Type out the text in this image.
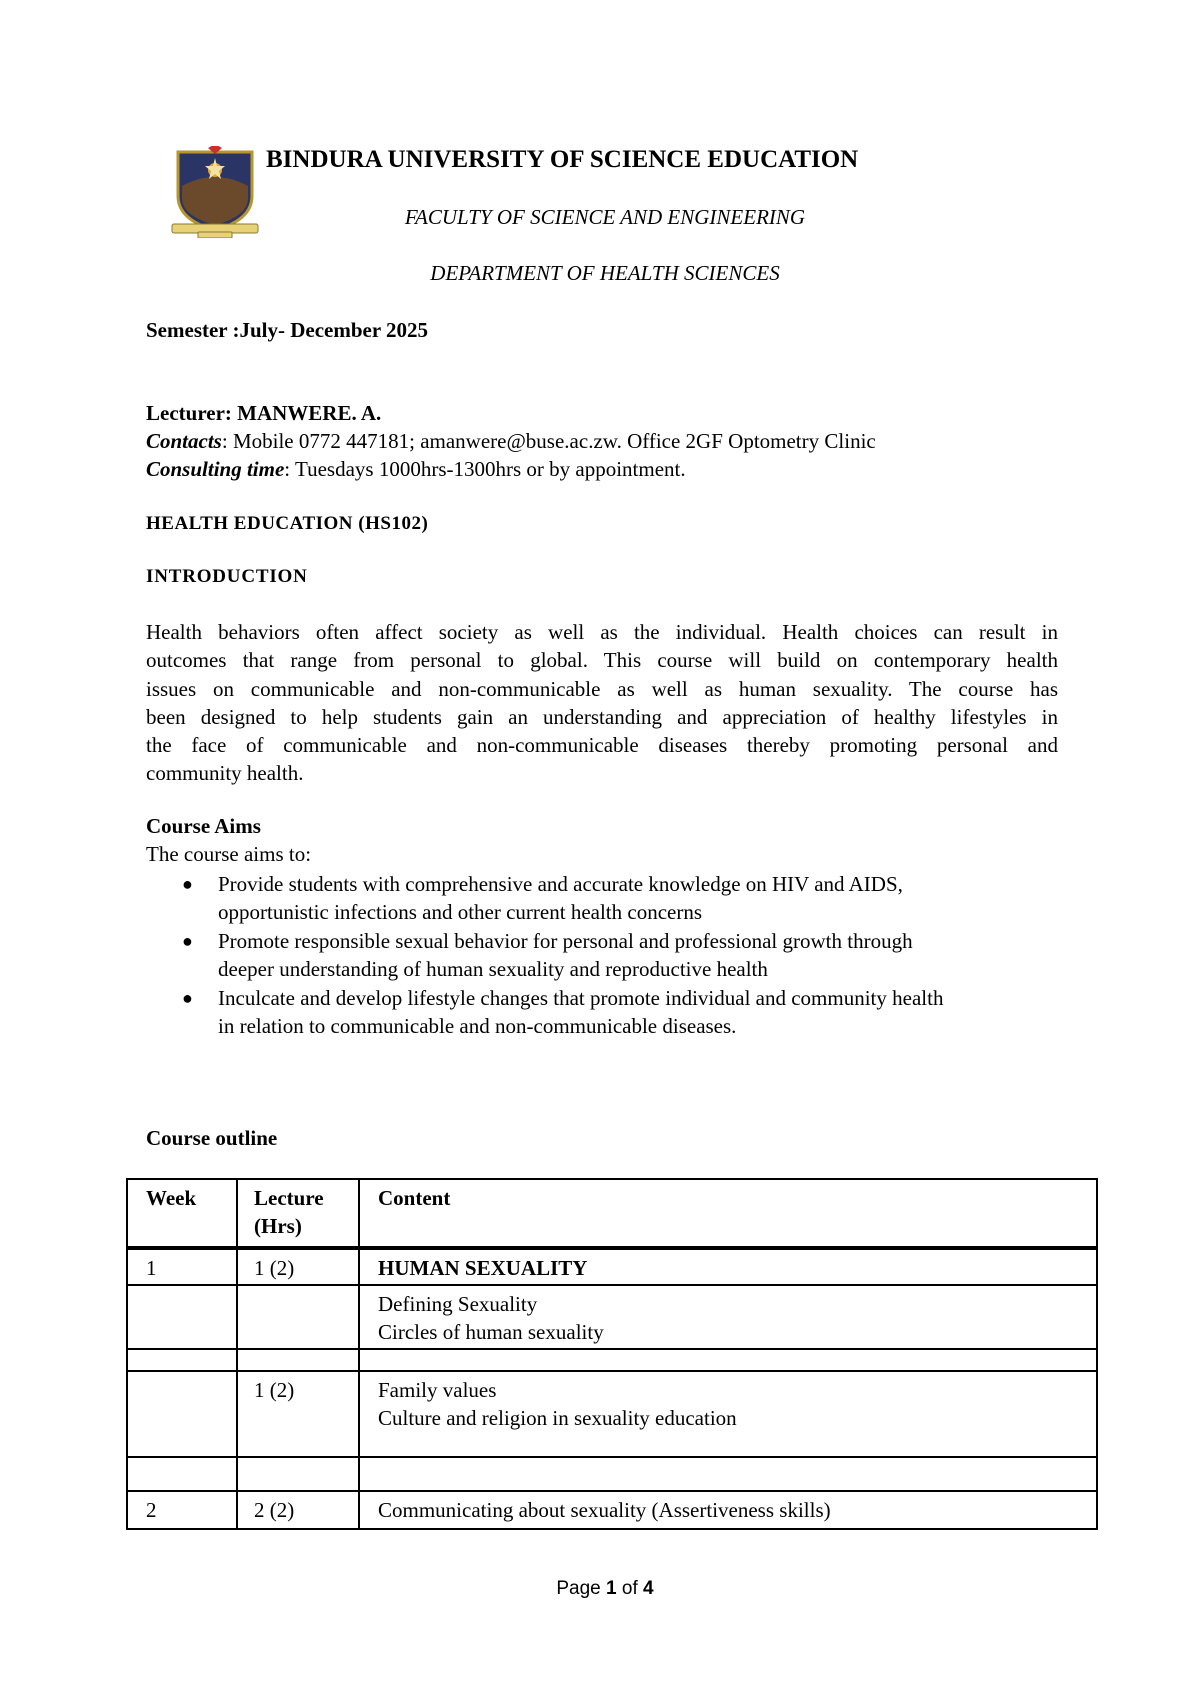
BINDURA UNIVERSITY OF SCIENCE EDUCATION
FACULTY OF SCIENCE AND ENGINEERING
DEPARTMENT OF HEALTH SCIENCES
Semester :July- December 2025
Lecturer: MANWERE. A.
Contacts: Mobile 0772 447181; amanwere@buse.ac.zw. Office 2GF Optometry Clinic
Consulting time: Tuesdays 1000hrs-1300hrs or by appointment.
HEALTH EDUCATION (HS102)
INTRODUCTION
Health behaviors often affect society as well as the individual. Health choices can result in
outcomes that range from personal to global. This course will build on contemporary health
issues on communicable and non-communicable as well as human sexuality. The course has
been designed to help students gain an understanding and appreciation of healthy lifestyles in
the face of communicable and non-communicable diseases thereby promoting personal and
community health.
Course Aims
The course aims to:
● Provide students with comprehensive and accurate knowledge on HIV and AIDS,
opportunistic infections and other current health concerns
● Promote responsible sexual behavior for personal and professional growth through
deeper understanding of human sexuality and reproductive health
● Inculcate and develop lifestyle changes that promote individual and community health
in relation to communicable and non-communicable diseases.
Course outline
Week	Lecture
(Hrs)	Content
1	1 (2)	HUMAN SEXUALITY

		Defining Sexuality
Circles of human sexuality

	1 (2)	Family values
Culture and religion in sexuality education

2	2 (2)	Communicating about sexuality (Assertiveness skills)
Page 1 of 4
